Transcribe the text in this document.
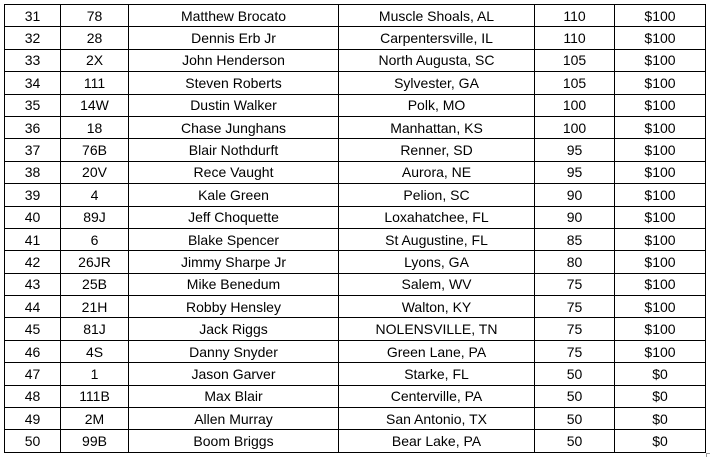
31	78	Matthew Brocato	Muscle Shoals, AL	110	$100
32	28	Dennis Erb Jr	Carpentersville, IL	110	$100
33	2X	John Henderson	North Augusta, SC	105	$100
34	111	Steven Roberts	Sylvester, GA	105	$100
35	14W	Dustin Walker	Polk, MO	100	$100
36	18	Chase Junghans	Manhattan, KS	100	$100
37	76B	Blair Nothdurft	Renner, SD	95	$100
38	20V	Rece Vaught	Aurora, NE	95	$100
39	4	Kale Green	Pelion, SC	90	$100
40	89J	Jeff Choquette	Loxahatchee, FL	90	$100
41	6	Blake Spencer	St Augustine, FL	85	$100
42	26JR	Jimmy Sharpe Jr	Lyons, GA	80	$100
43	25B	Mike Benedum	Salem, WV	75	$100
44	21H	Robby Hensley	Walton, KY	75	$100
45	81J	Jack Riggs	NOLENSVILLE, TN	75	$100
46	4S	Danny Snyder	Green Lane, PA	75	$100
47	1	Jason Garver	Starke, FL	50	$0
48	111B	Max Blair	Centerville, PA	50	$0
49	2M	Allen Murray	San Antonio, TX	50	$0
50	99B	Boom Briggs	Bear Lake, PA	50	$0
